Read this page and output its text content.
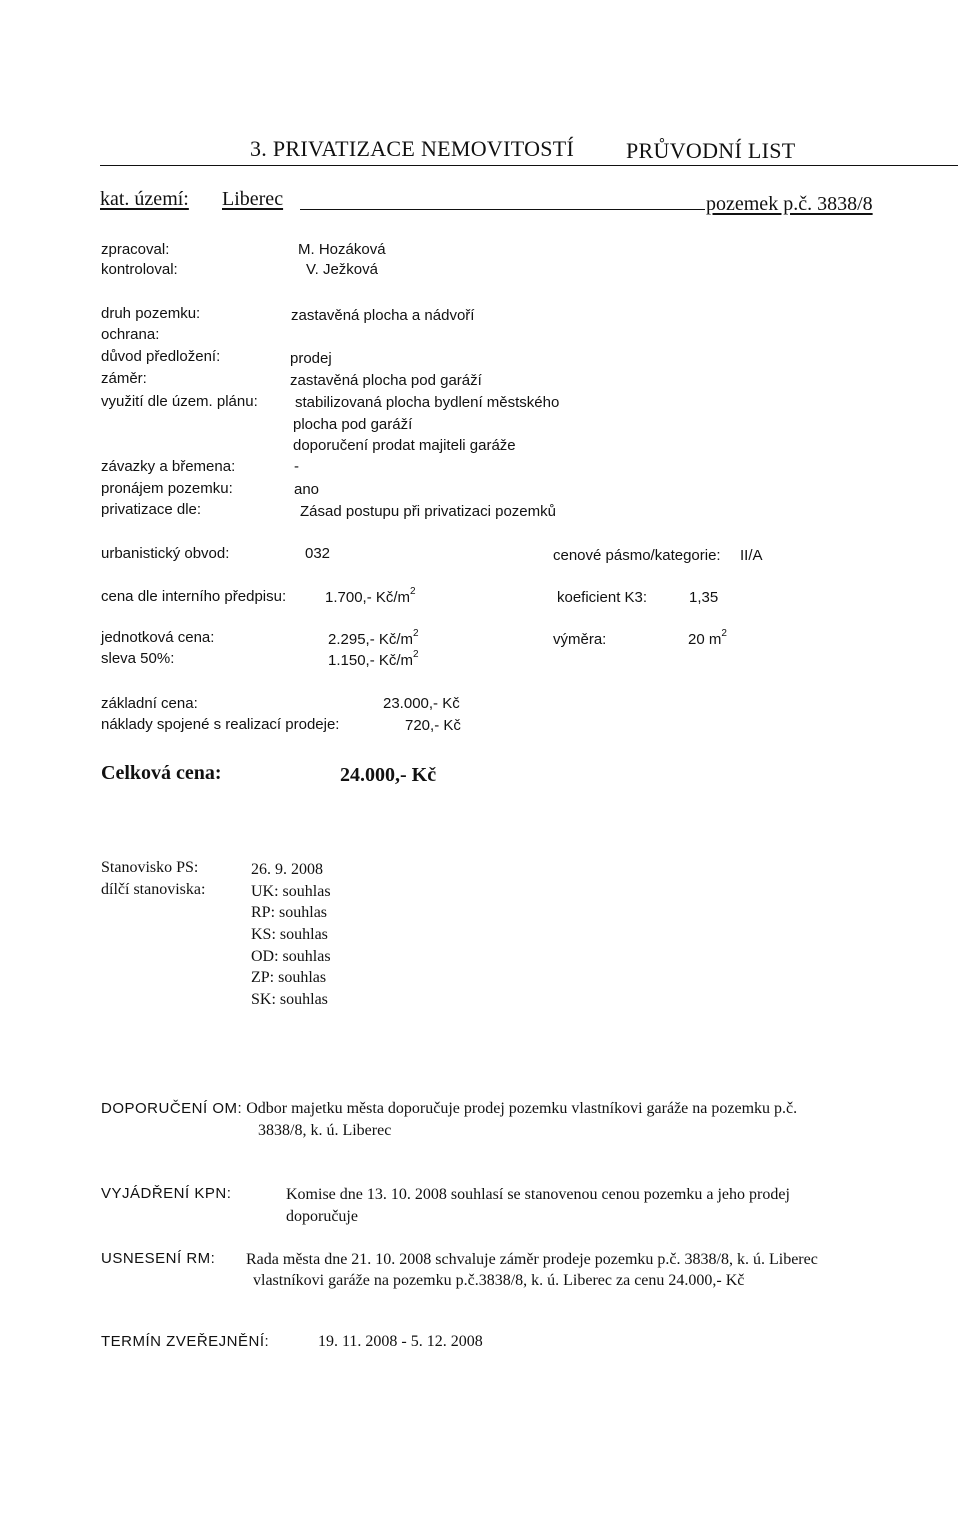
3. PRIVATIZACE NEMOVITOSTÍ PRŮVODNÍ LIST
kat. území: Liberec	pozemek p.č. 3838/8
zpracoval:	M. Hozáková
kontroloval:	V. Ježková
druh pozemku:	zastavěná plocha a nádvoří
ochrana:
důvod předložení:	prodej
záměr:	zastavěná plocha pod garáží
využití dle územ. plánu: stabilizovaná plocha bydlení městského
plocha pod garáží
doporučení prodat majiteli garáže
závazky a břemena:	-
pronájem pozemku:	ano
privatizace dle:	Zásad postupu při privatizaci pozemků
urbanistický obvod:	032	cenové pásmo/kategorie: II/A
cena dle interního předpisu:	1.700,- $Kč/m^2$	koeficient K3:	1,35
jednotková cena:	2.295,- $Kč/m^2$	výměra:	20 $m^2$
sleva 50%:	1.150,- $Kč/m^2$
základní cena:	23.000,- Kč
náklady spojené s realizací prodeje:	720,- Kč
Celková cena:	24.000,- Kč
Stanovisko PS:	26. 9. 2008
dílčí stanoviska:	UK: souhlas
RP: souhlas
KS: souhlas
OD: souhlas
ZP: souhlas
SK: souhlas
DOPORUČENÍ OM: Odbor majetku města doporučuje prodej pozemku vlastníkovi garáže na pozemku p.č.
3838/8, k. ú. Liberec
VYJÁDŘENÍ KPN:	Komise dne 13. 10. 2008 souhlasí se stanovenou cenou pozemku a jeho prodej
doporučuje
USNESENÍ RM: Rada města dne 21. 10. 2008 schvaluje záměr prodeje pozemku p.č. 3838/8, k. ú. Liberec
vlastníkovi garáže na pozemku p.č.3838/8, k. ú. Liberec za cenu 24.000,- Kč
TERMÍN ZVEŘEJNĚNÍ:	19. 11. 2008 - 5. 12. 2008
